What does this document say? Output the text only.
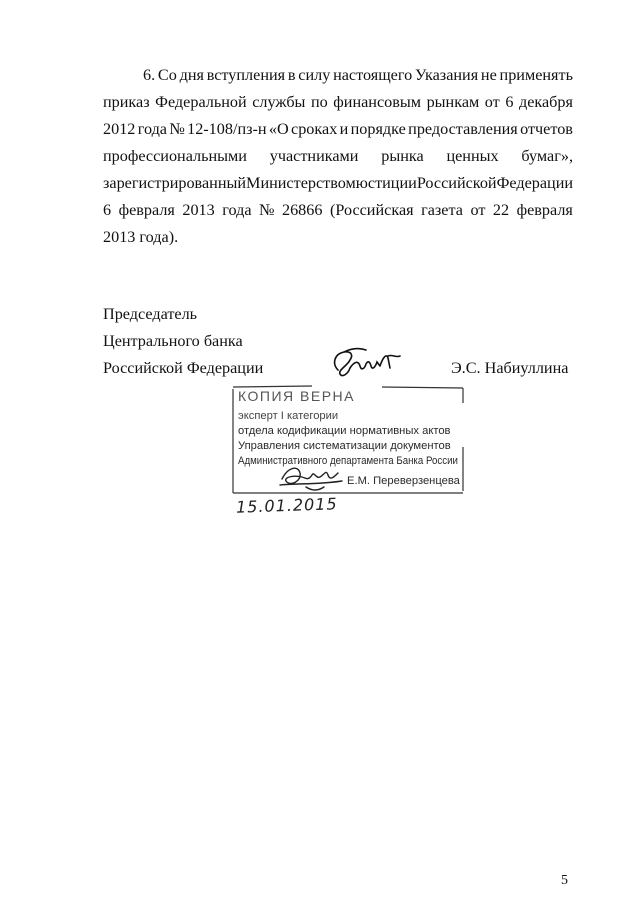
6. Со дня вступления в силу настоящего Указания не применять
приказ Федеральной службы по финансовым рынкам от 6 декабря
2012 года № 12-108/пз-н «О сроках и порядке предоставления отчетов
профессиональными участниками рынка ценных бумаг»,
зарегистрированный Министерством юстиции Российской Федерации
6 февраля 2013 года № 26866 (Российская газета от 22 февраля
2013 года).
Председатель
Центрального банка
Российской Федерации	Э.С. Набиуллина
КОПИЯ ВЕРНА
эксперт I категории
отдела кодификации нормативных актов
Управления систематизации документов
Административного департамента Банка России
Е.М. Переверзенцева
15.01.2015
5
